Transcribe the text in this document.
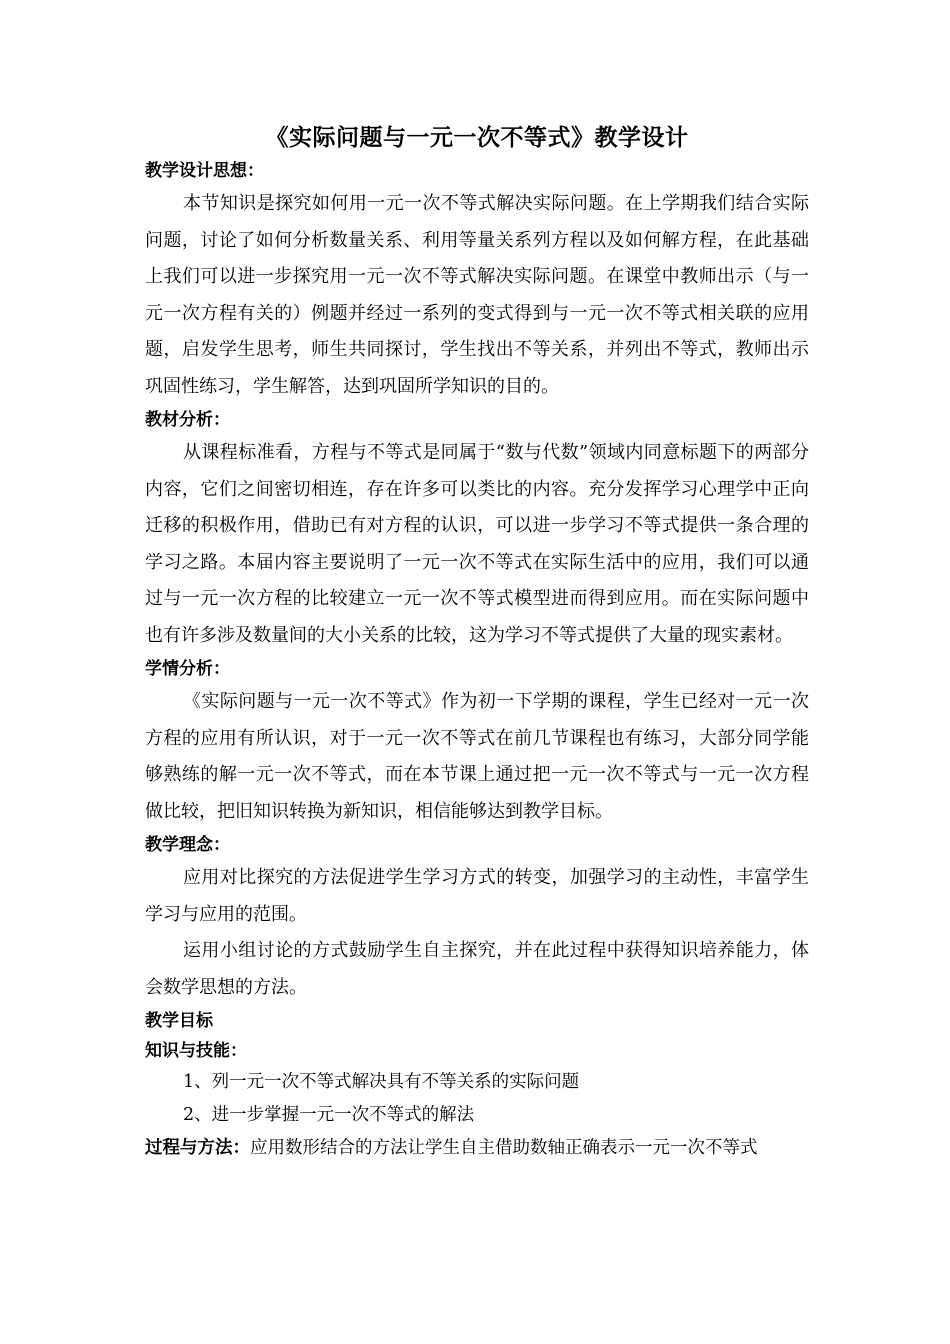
《实际问题与一元一次不等式》教学设计

教学设计思想：

本节知识是探究如何用一元一次不等式解决实际问题。在上学期我们结合实际问题，讨论了如何分析数量关系、利用等量关系列方程以及如何解方程，在此基础上我们可以进一步探究用一元一次不等式解决实际问题。在课堂中教师出示（与一元一次方程有关的）例题并经过一系列的变式得到与一元一次不等式相关联的应用题，启发学生思考，师生共同探讨，学生找出不等关系，并列出不等式，教师出示巩固性练习，学生解答，达到巩固所学知识的目的。

教材分析：

从课程标准看，方程与不等式是同属于“数与代数”领域内同意标题下的两部分内容，它们之间密切相连，存在许多可以类比的内容。充分发挥学习心理学中正向迁移的积极作用，借助已有对方程的认识，可以进一步学习不等式提供一条合理的学习之路。本届内容主要说明了一元一次不等式在实际生活中的应用，我们可以通过与一元一次方程的比较建立一元一次不等式模型进而得到应用。而在实际问题中也有许多涉及数量间的大小关系的比较，这为学习不等式提供了大量的现实素材。

学情分析：

《实际问题与一元一次不等式》作为初一下学期的课程，学生已经对一元一次方程的应用有所认识，对于一元一次不等式在前几节课程也有练习，大部分同学能够熟练的解一元一次不等式，而在本节课上通过把一元一次不等式与一元一次方程做比较，把旧知识转换为新知识，相信能够达到教学目标。

教学理念：

应用对比探究的方法促进学生学习方式的转变，加强学习的主动性，丰富学生学习与应用的范围。

运用小组讨论的方式鼓励学生自主探究，并在此过程中获得知识培养能力，体会数学思想的方法。

教学目标

知识与技能：

1、列一元一次不等式解决具有不等关系的实际问题

2、进一步掌握一元一次不等式的解法

过程与方法：应用数形结合的方法让学生自主借助数轴正确表示一元一次不等式
